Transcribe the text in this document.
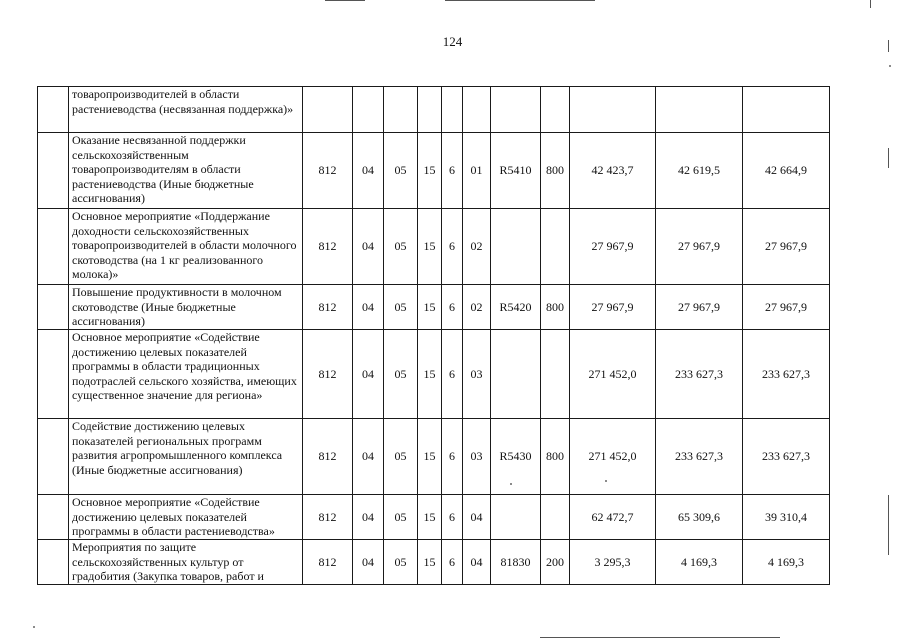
124
	товаропроизводителей в области растениеводства (несвязанная поддержка)»											
	Оказание несвязанной поддержки сельскохозяйственным товаропроизводителям в области растениеводства (Иные бюджетные ассигнования)	812	04	05	15	6	01	R5410	800	42 423,7	42 619,5	42 664,9
	Основное мероприятие «Поддержание доходности сельскохозяйственных товаропроизводителей в области молочного скотоводства (на 1 кг реализованного молока)»	812	04	05	15	6	02			27 967,9	27 967,9	27 967,9
	Повышение продуктивности в молочном скотоводстве (Иные бюджетные ассигнования)	812	04	05	15	6	02	R5420	800	27 967,9	27 967,9	27 967,9
	Основное мероприятие «Содействие достижению целевых показателей программы в области традиционных подотраслей сельского хозяйства, имеющих существенное значение для региона»	812	04	05	15	6	03			271 452,0	233 627,3	233 627,3
	Содействие достижению целевых показателей региональных программ развития агропромышленного комплекса (Иные бюджетные ассигнования)	812	04	05	15	6	03	R5430	800	271 452,0	233 627,3	233 627,3
	Основное мероприятие «Содействие достижению целевых показателей программы в области растениеводства»	812	04	05	15	6	04			62 472,7	65 309,6	39 310,4
	Мероприятия по защите сельскохозяйственных культур от градобития (Закупка товаров, работ и	812	04	05	15	6	04	81830	200	3 295,3	4 169,3	4 169,3
